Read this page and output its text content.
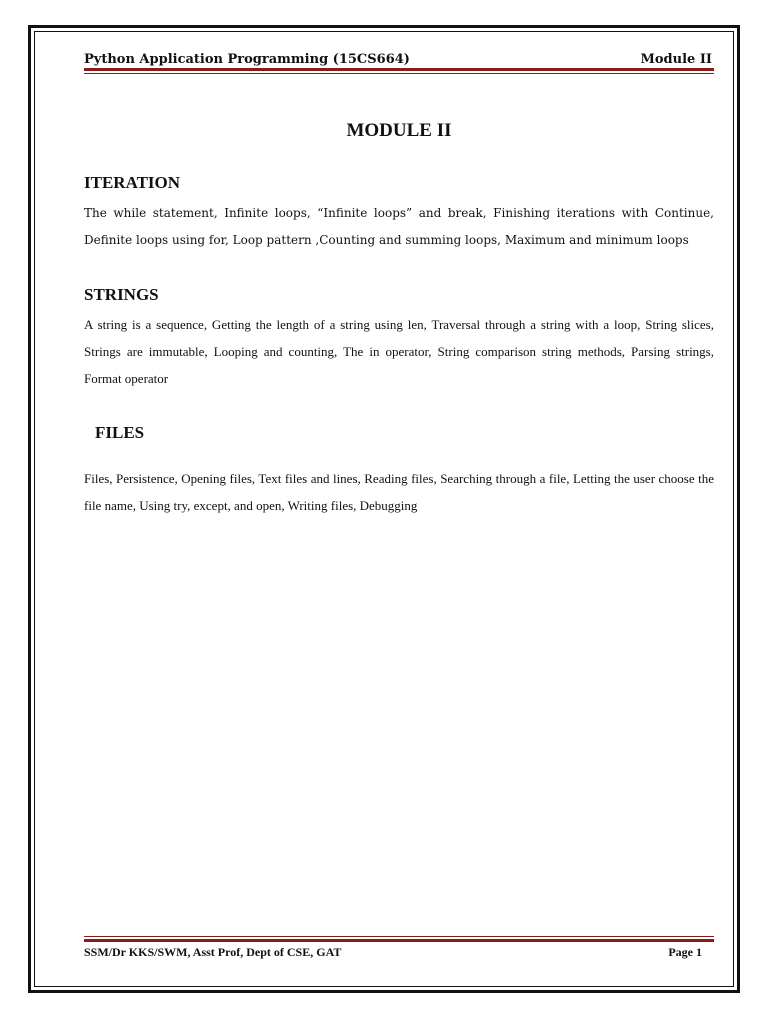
Python Application Programming (15CS664)	Module II
MODULE II
ITERATION
The while statement, Infinite loops, “Infinite loops” and break, Finishing iterations with Continue, Definite loops using for, Loop pattern ,Counting and summing loops, Maximum and minimum loops
STRINGS
A string is a sequence, Getting the length of a string using len, Traversal through a string with a loop, String slices, Strings are immutable, Looping and counting, The in operator, String comparison string methods, Parsing strings, Format operator
FILES
Files, Persistence, Opening files, Text files and lines, Reading files, Searching through a file, Letting the user choose the file name, Using try, except, and open, Writing files, Debugging
SSM/Dr KKS/SWM, Asst Prof, Dept of CSE, GAT	Page 1
